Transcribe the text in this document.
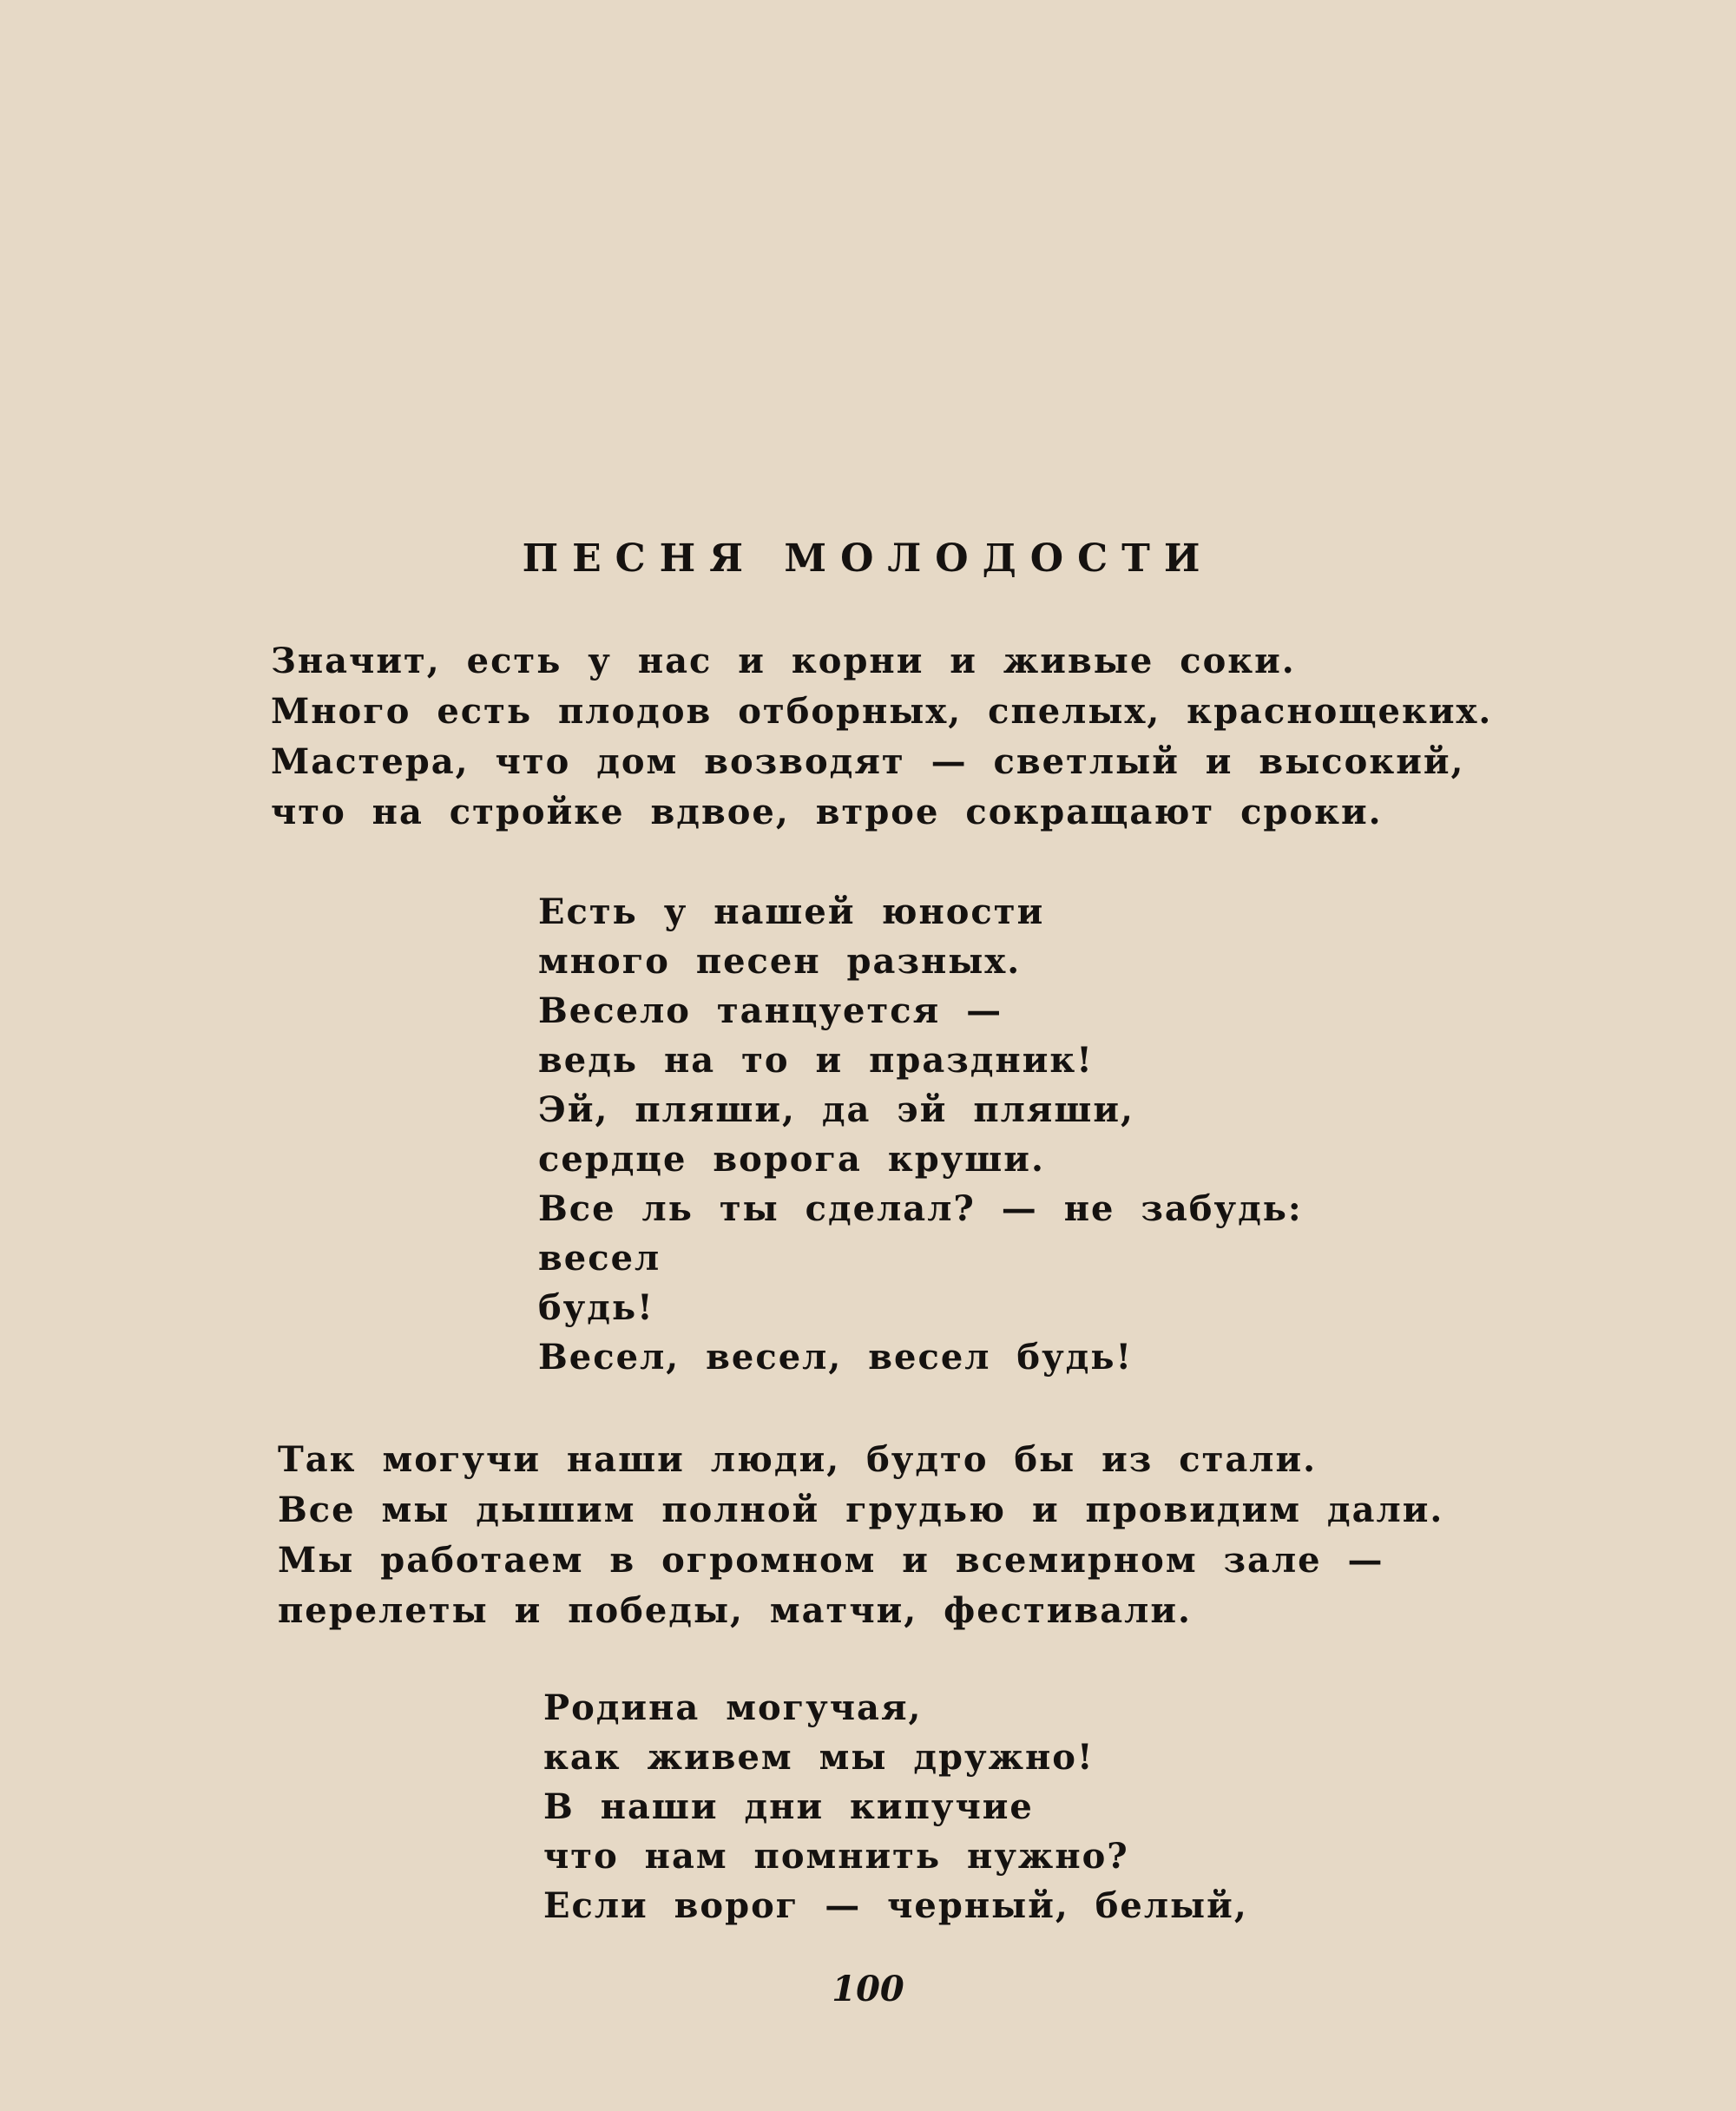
ПЕСНЯ МОЛОДОСТИ
Значит, есть у нас и корни и живые соки.
Много есть плодов отборных, спелых, краснощеких.
Мастера, что дом возводят — светлый и высокий,
что на стройке вдвое, втрое сокращают сроки.
Есть у нашей юности
много песен разных.
Весело танцуется —
ведь на то и праздник!
Эй, пляши, да эй пляши,
сердце ворога круши.
Все ль ты сделал? — не забудь:
весел
будь!
Весел, весел, весел будь!
Так могучи наши люди, будто бы из стали.
Все мы дышим полной грудью и провидим дали.
Мы работаем в огромном и всемирном зале —
перелеты и победы, матчи, фестивали.
Родина могучая,
как живем мы дружно!
В наши дни кипучие
что нам помнить нужно?
Если ворог — черный, белый,
100
